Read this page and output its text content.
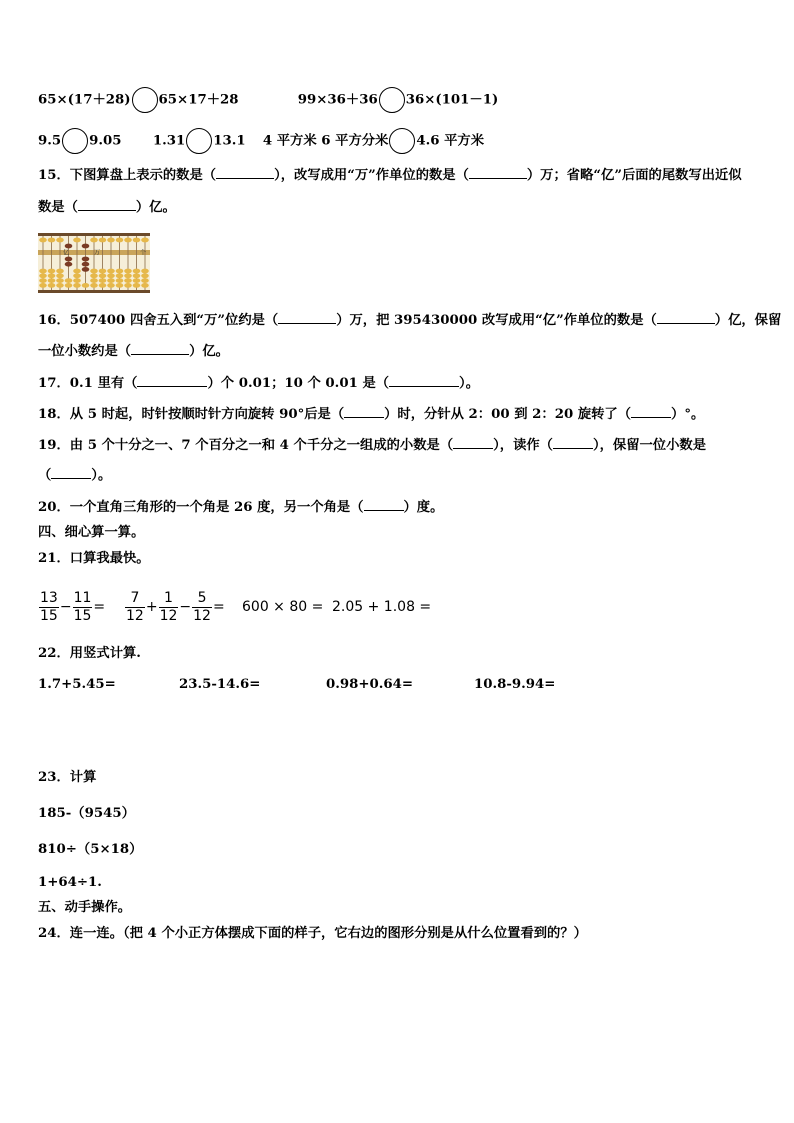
65×(17＋28) 65×17＋28	99×36＋36 36×(101－1)
9.5 9.05 1.31 13.1 4 平方米 6 平方分米 4.6 平方米
15．下图算盘上表示的数是（	），改写成用“万”作单位的数是（	）万；省略“亿”后面的尾数写出近似
数是（	）亿。
亿	万	个
16．507400 四舍五入到“万”位约是（	）万，把 395430000 改写成用“亿”作单位的数是（	）亿，保留
一位小数约是（	）亿。
17．0.1 里有（	）个 0.01；10 个 0.01 是（	）。
18．从 5 时起，时针按顺时针方向旋转 90°后是（	）时，分针从 2：00 到 2：20 旋转了（	）°。
19．由 5 个十分之一、7 个百分之一和 4 个千分之一组成的小数是（	），读作（	），保留一位小数是
（	）。
20．一个直角三角形的一个角是 26 度，另一个角是（	）度。
四、细心算一算。
21．口算我最快。
$\frac{13}{15} - \frac{11}{15} = \frac{7}{12} + \frac{1}{12} - \frac{5}{12} = 600 \times 80 = 2.05 + 1.08$ =
22．用竖式计算.
1.7+5.45=	23.5-14.6=	0.98+0.64=	10.8-9.94=
23．计算
185-（9545）
810÷（5×18）
1+64÷1.
五、动手操作。
24．连一连。（把 4 个小正方体摆成下面的样子，它右边的图形分别是从什么位置看到的？）
